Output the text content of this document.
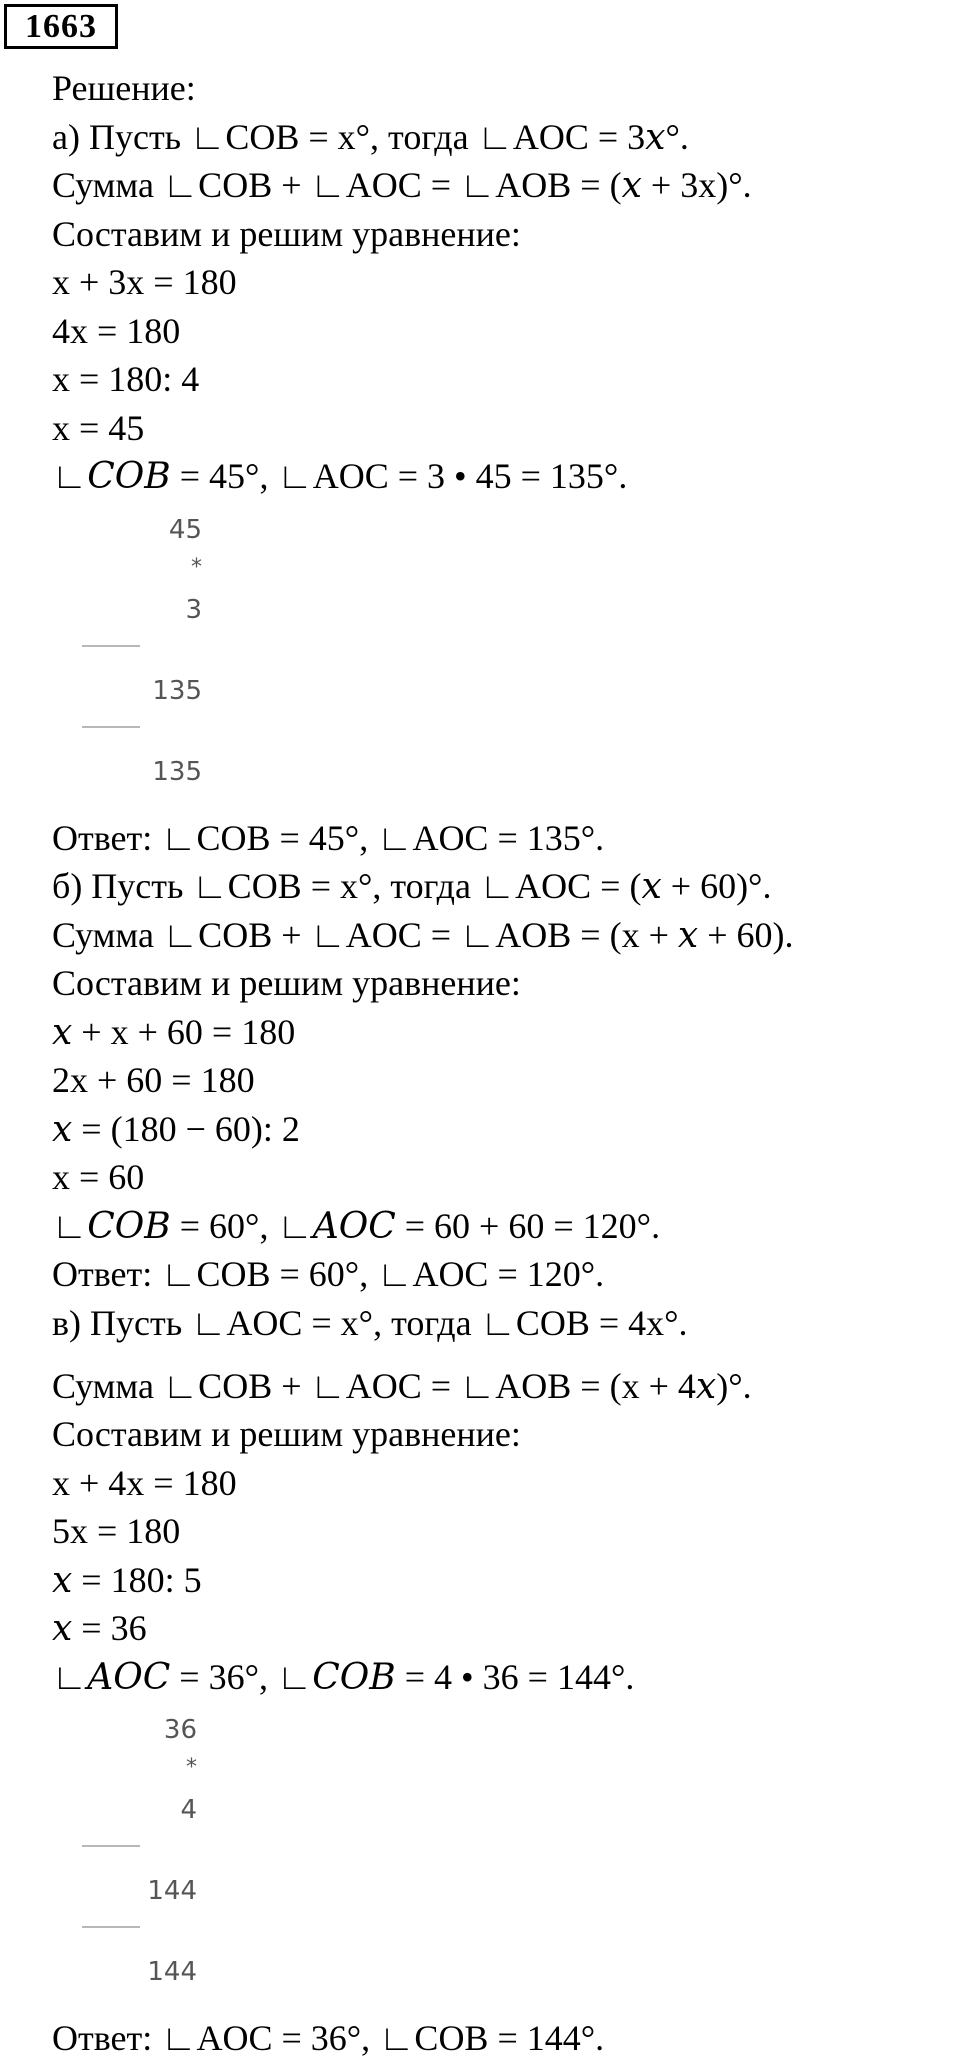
1663
Решение:
а) Пусть ∟COB = x°, тогда ∟AOC = 3𝑥°.
Сумма ∟COB + ∟AOC = ∟AOB = (𝑥 + 3x)°.
Составим и решим уравнение:
x + 3x = 180
4x = 180
x = 180: 4
x = 45
∟𝐶𝑂𝐵 = 45°, ∟AOC = 3 • 45 = 135°.
45
*
3
135
135
Ответ: ∟COB = 45°, ∟AOC = 135°.
б) Пусть ∟COB = x°, тогда ∟AOC = (𝑥 + 60)°.
Сумма ∟COB + ∟AOC = ∟AOB = (x + 𝑥 + 60).
Составим и решим уравнение:
𝑥 + x + 60 = 180
2x + 60 = 180
𝑥 = (180 − 60): 2
x = 60
∟𝐶𝑂𝐵 = 60°, ∟𝐴𝑂𝐶 = 60 + 60 = 120°.
Ответ: ∟COB = 60°, ∟AOC = 120°.
в) Пусть ∟AOC = x°, тогда ∟COB = 4x°.
Сумма ∟COB + ∟AOC = ∟AOB = (x + 4𝑥)°.
Составим и решим уравнение:
x + 4x = 180
5x = 180
𝑥 = 180: 5
𝑥 = 36
∟𝐴𝑂𝐶 = 36°, ∟𝐶𝑂𝐵 = 4 • 36 = 144°.
36
*
4
144
144
Ответ: ∟AOC = 36°, ∟COB = 144°.
